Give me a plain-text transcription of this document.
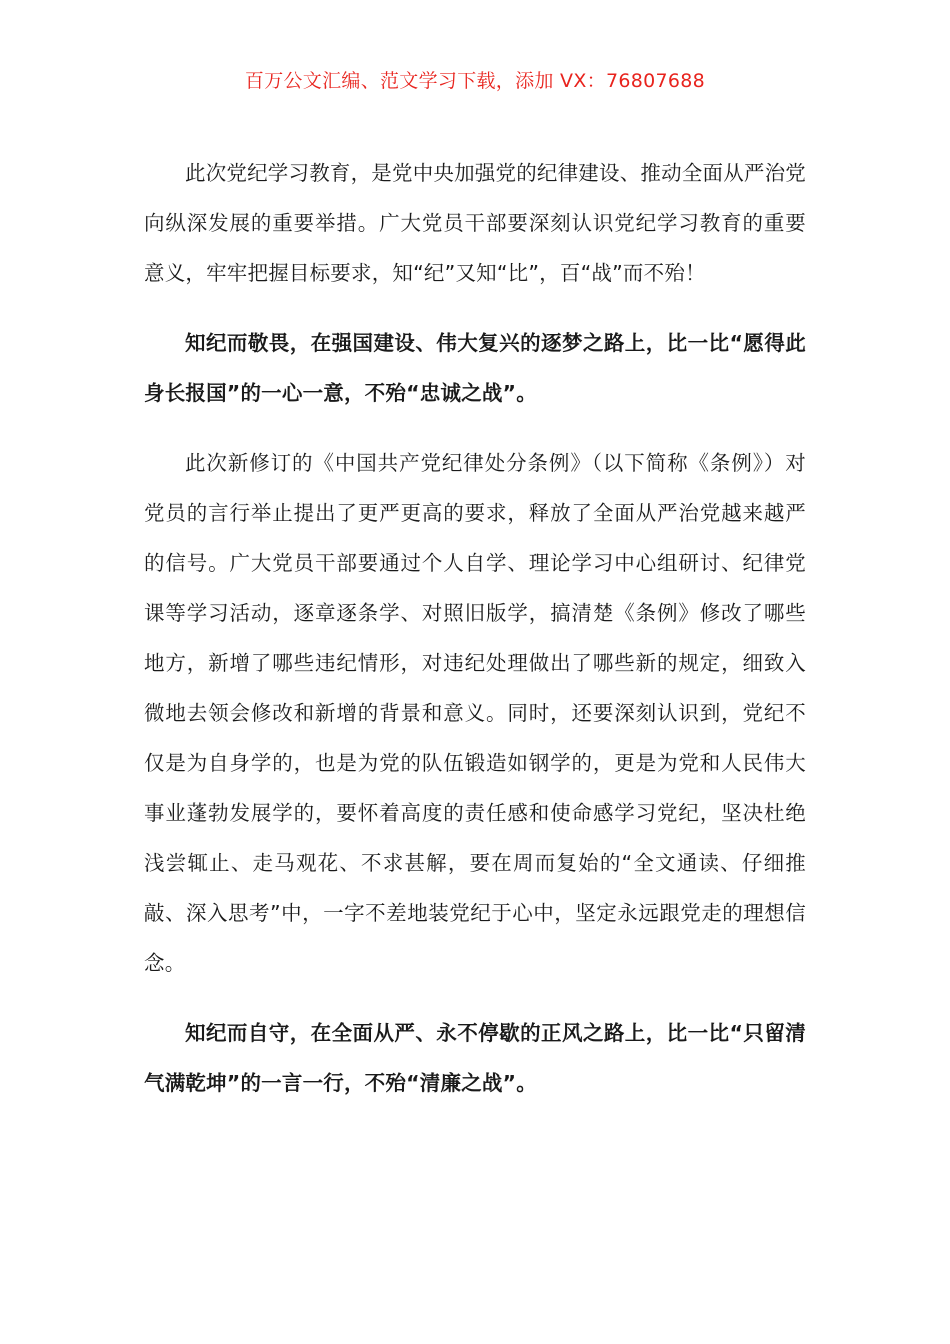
百万公文汇编、范文学习下载，添加 VX：76807688

此次党纪学习教育，是党中央加强党的纪律建设、推动全面从严治党向纵深发展的重要举措。广大党员干部要深刻认识党纪学习教育的重要意义，牢牢把握目标要求，知“纪”又知“比”，百“战”而不殆！

知纪而敬畏，在强国建设、伟大复兴的逐梦之路上，比一比“愿得此身长报国”的一心一意，不殆“忠诚之战”。

此次新修订的《中国共产党纪律处分条例》（以下简称《条例》）对党员的言行举止提出了更严更高的要求，释放了全面从严治党越来越严的信号。广大党员干部要通过个人自学、理论学习中心组研讨、纪律党课等学习活动，逐章逐条学、对照旧版学，搞清楚《条例》修改了哪些地方，新增了哪些违纪情形，对违纪处理做出了哪些新的规定，细致入微地去领会修改和新增的背景和意义。同时，还要深刻认识到，党纪不仅是为自身学的，也是为党的队伍锻造如钢学的，更是为党和人民伟大事业蓬勃发展学的，要怀着高度的责任感和使命感学习党纪，坚决杜绝浅尝辄止、走马观花、不求甚解，要在周而复始的“全文通读、仔细推敲、深入思考”中，一字不差地装党纪于心中，坚定永远跟党走的理想信念。

知纪而自守，在全面从严、永不停歇的正风之路上，比一比“只留清气满乾坤”的一言一行，不殆“清廉之战”。
